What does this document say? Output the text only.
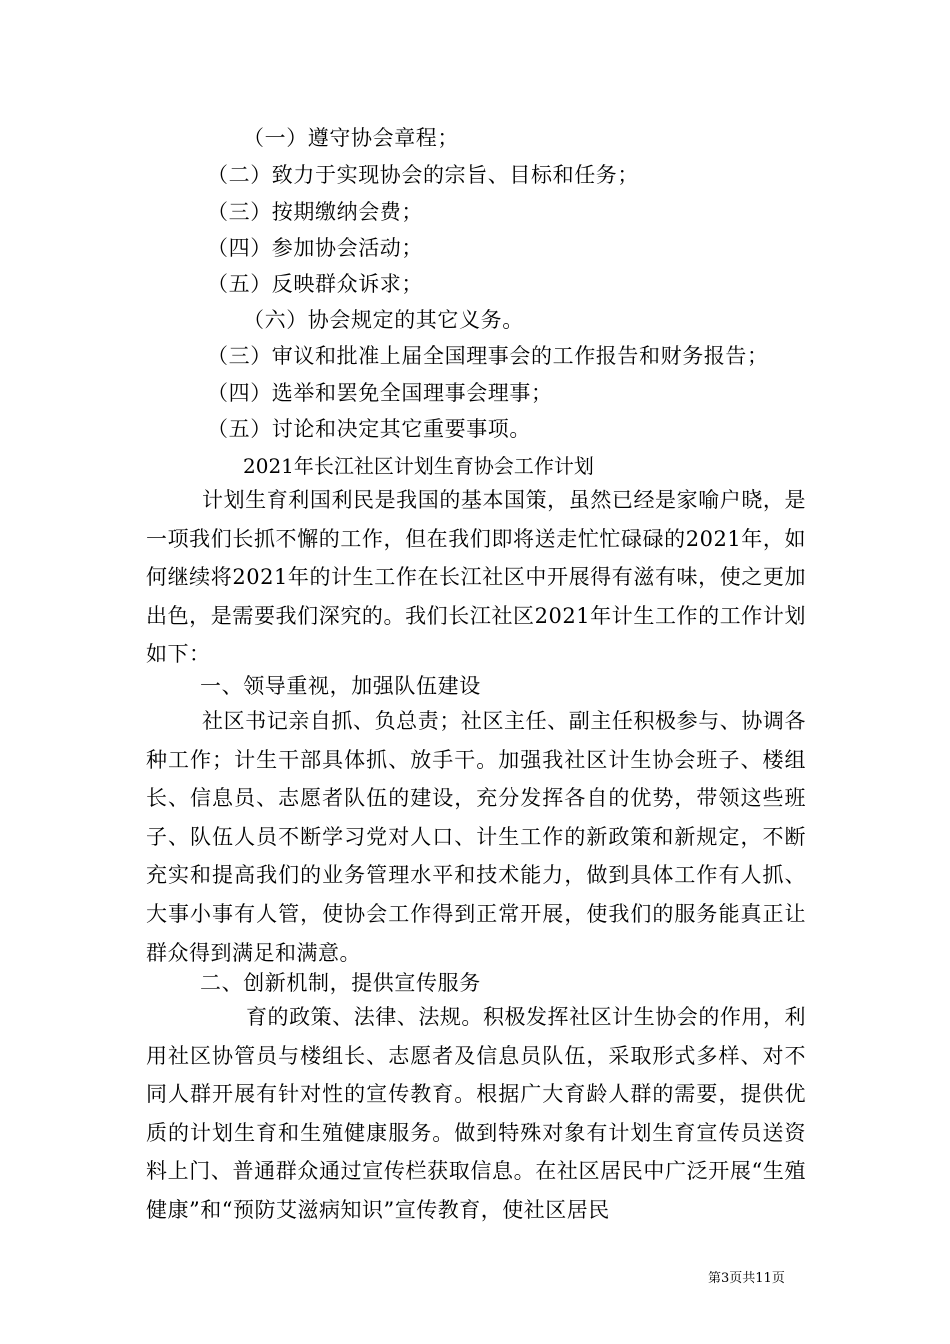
（一）遵守协会章程；
（二）致力于实现协会的宗旨、目标和任务；
（三）按期缴纳会费；
（四）参加协会活动；
（五）反映群众诉求；
（六）协会规定的其它义务。
（三）审议和批准上届全国理事会的工作报告和财务报告；
（四）选举和罢免全国理事会理事；
（五）讨论和决定其它重要事项。
2021年长江社区计划生育协会工作计划
计划生育利国利民是我国的基本国策，虽然已经是家喻户晓，是一项我们长抓不懈的工作，但在我们即将送走忙忙碌碌的2021年，如何继续将2021年的计生工作在长江社区中开展得有滋有味，使之更加出色，是需要我们深究的。我们长江社区2021年计生工作的工作计划如下：
一、领导重视，加强队伍建设
社区书记亲自抓、负总责；社区主任、副主任积极参与、协调各种工作；计生干部具体抓、放手干。加强我社区计生协会班子、楼组长、信息员、志愿者队伍的建设，充分发挥各自的优势，带领这些班子、队伍人员不断学习党对人口、计生工作的新政策和新规定，不断充实和提高我们的业务管理水平和技术能力，做到具体工作有人抓、大事小事有人管，使协会工作得到正常开展，使我们的服务能真正让群众得到满足和满意。
二、创新机制，提供宣传服务
育的政策、法律、法规。积极发挥社区计生协会的作用，利用社区协管员与楼组长、志愿者及信息员队伍，采取形式多样、对不同人群开展有针对性的宣传教育。根据广大育龄人群的需要，提供优质的计划生育和生殖健康服务。做到特殊对象有计划生育宣传员送资料上门、普通群众通过宣传栏获取信息。在社区居民中广泛开展“生殖健康”和“预防艾滋病知识”宣传教育，使社区居民
第3页共11页
